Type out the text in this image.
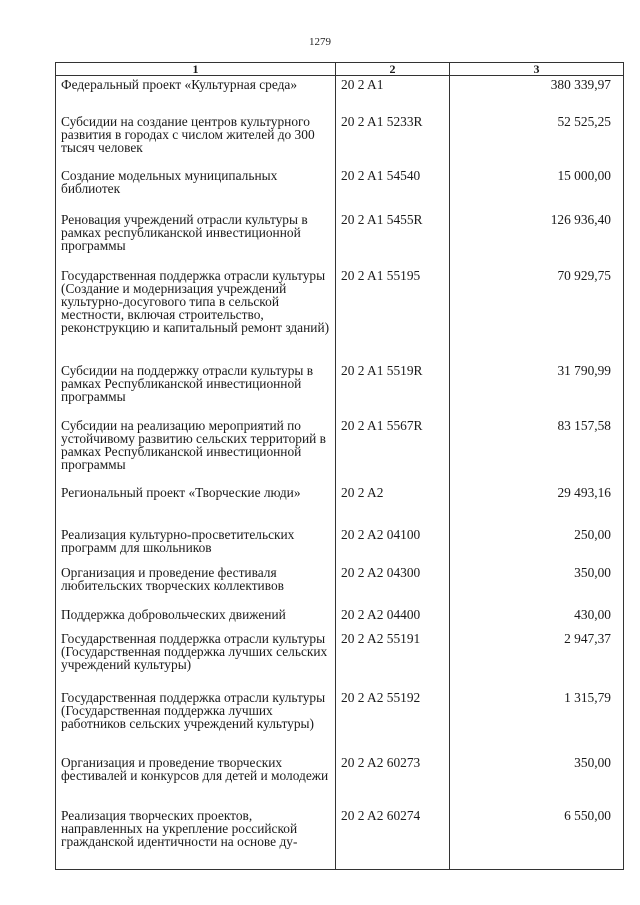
1279
1	2	3
Федеральный проект «Культурная среда»	20 2 A1	380 339,97
Субсидии на создание центров культурного развития в городах с числом жителей до 300 тысяч человек	20 2 A1 5233R	52 525,25
Создание модельных муниципальных библиотек	20 2 A1 54540	15 000,00
Реновация учреждений отрасли культуры в рамках республиканской инвестиционной программы	20 2 A1 5455R	126 936,40
Государственная поддержка отрасли культуры (Создание и модернизация учреждений культурно-досугового типа в сельской местности, включая строительство, реконструкцию и капитальный ремонт зданий)	20 2 A1 55195	70 929,75
Субсидии на поддержку отрасли культуры в рамках Республиканской инвестиционной программы	20 2 A1 5519R	31 790,99
Субсидии на реализацию мероприятий по устойчивому развитию сельских территорий в рамках Республиканской инвестиционной программы	20 2 A1 5567R	83 157,58
Региональный проект «Творческие люди»	20 2 A2	29 493,16
Реализация культурно-просветительских программ для школьников	20 2 A2 04100	250,00
Организация и проведение фестиваля любительских творческих коллективов	20 2 A2 04300	350,00
Поддержка добровольческих движений	20 2 A2 04400	430,00
Государственная поддержка отрасли культуры (Государственная поддержка лучших сельских учреждений культуры)	20 2 A2 55191	2 947,37
Государственная поддержка отрасли культуры (Государственная поддержка лучших работников сельских учреждений культуры)	20 2 A2 55192	1 315,79
Организация и проведение творческих фестивалей и конкурсов для детей и молодежи	20 2 A2 60273	350,00
Реализация творческих проектов, направленных на укрепление российской гражданской идентичности на основе ду-	20 2 A2 60274	6 550,00
